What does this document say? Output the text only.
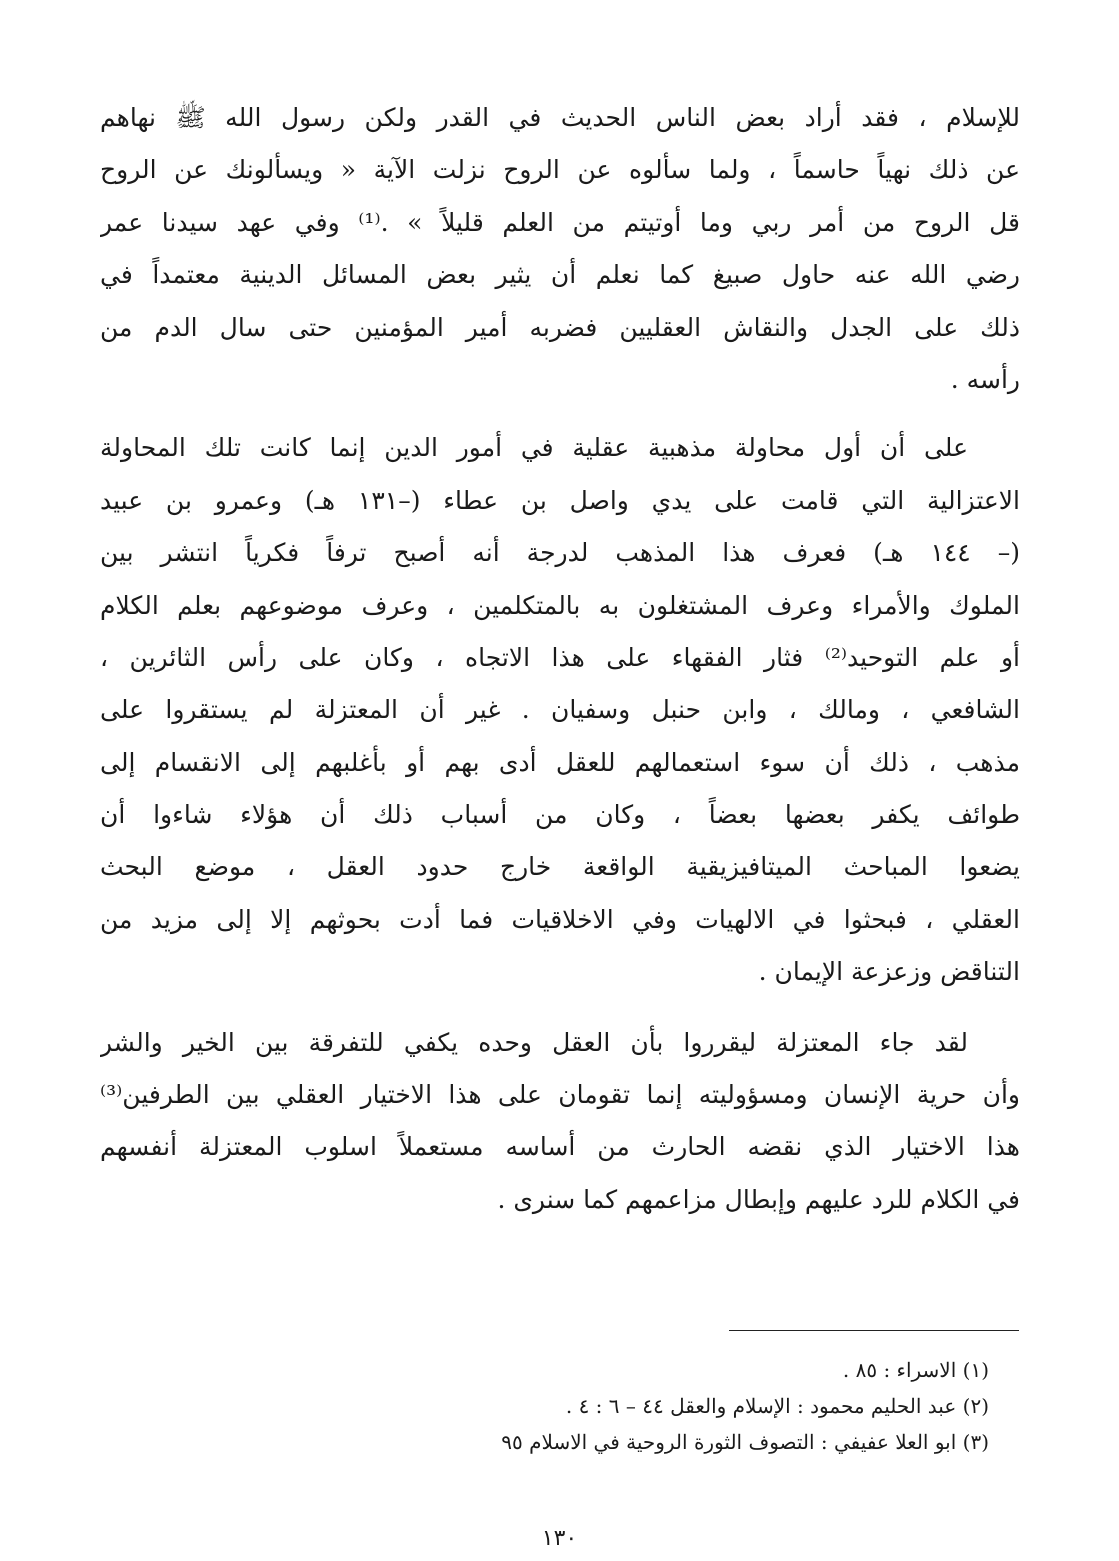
للإسلام ، فقد أراد بعض الناس الحديث في القدر ولكن رسول الله ﷺ نهاهم
عن ذلك نهياً حاسماً ، ولما سألوه عن الروح نزلت الآية « ويسألونك عن الروح
قل الروح من أمر ربي وما أوتيتم من العلم قليلاً » .⁽¹⁾ وفي عهد سيدنا عمر
رضي الله عنه حاول صبيغ كما نعلم أن يثير بعض المسائل الدينية معتمداً في
ذلك على الجدل والنقاش العقليين فضربه أمير المؤمنين حتى سال الدم من
رأسه .
على أن أول محاولة مذهبية عقلية في أمور الدين إنما كانت تلك المحاولة
الاعتزالية التي قامت على يدي واصل بن عطاء (–١٣١ هـ) وعمرو بن عبيد
(– ١٤٤ هـ) فعرف هذا المذهب لدرجة أنه أصبح ترفاً فكرياً انتشر بين
الملوك والأمراء وعرف المشتغلون به بالمتكلمين ، وعرف موضوعهم بعلم الكلام
أو علم التوحيد⁽²⁾ فثار الفقهاء على هذا الاتجاه ، وكان على رأس الثائرين ،
الشافعي ، ومالك ، وابن حنبل وسفيان . غير أن المعتزلة لم يستقروا على
مذهب ، ذلك أن سوء استعمالهم للعقل أدى بهم أو بأغلبهم إلى الانقسام إلى
طوائف يكفر بعضها بعضاً ، وكان من أسباب ذلك أن هؤلاء شاءوا أن
يضعوا المباحث الميتافيزيقية الواقعة خارج حدود العقل ، موضع البحث
العقلي ، فبحثوا في الالهيات وفي الاخلاقيات فما أدت بحوثهم إلا إلى مزيد من
التناقض وزعزعة الإيمان .
لقد جاء المعتزلة ليقرروا بأن العقل وحده يكفي للتفرقة بين الخير والشر
وأن حرية الإنسان ومسؤوليته إنما تقومان على هذا الاختيار العقلي بين الطرفين⁽³⁾
هذا الاختيار الذي نقضه الحارث من أساسه مستعملاً اسلوب المعتزلة أنفسهم
في الكلام للرد عليهم وإبطال مزاعمهم كما سنرى .
(١) الاسراء : ٨٥ .
(٢) عبد الحليم محمود : الإسلام والعقل ٤٤ – ٦ : ٤ .
(٣) ابو العلا عفيفي : التصوف الثورة الروحية في الاسلام ٩٥
١٣٠
